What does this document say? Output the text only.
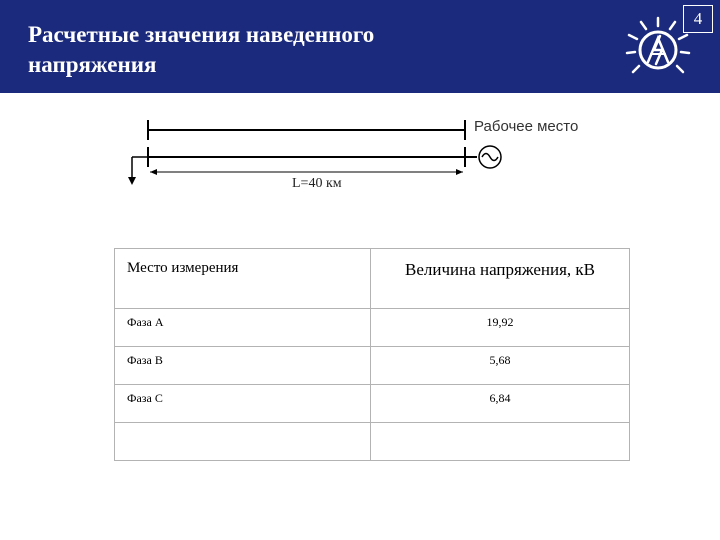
Расчетные значения наведенного
напряжения
4
Рабочее место
L=40 км
Место измерения	Величина напряжения, кВ
Фаза А	19,92
Фаза В	5,68
Фаза С	6,84
